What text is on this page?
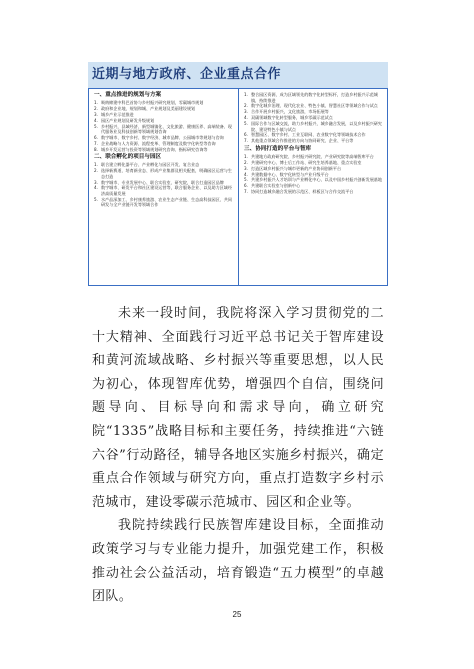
近期与地方政府、企业重点合作
一、重点推进的规划与方案
1. 吸纳缔建中科巴首协与乡村振兴研究规划，零碳城市规划
2. 政府和企业地，规划和城、产业规划及美丽建设规划
3. 城乡产业示范推进
4. 园区产业规划及研发升级规划
5. 乡村振兴，县域经济、新型城镇化、文化旅游、健康医养、高端装备、现代服务业及科技创新等领域规划咨询
6. 数字城市、数字乡村、数字经济、城市品牌、公园城市等规划与咨询
7. 企业战略与人力资源、流程变革、管理制度及数字化转型等咨询
8. 城乡开发运营与投资等领域规划研究咨询、指标研究咨询等
二、联合孵化的项目与园区
1. 联合建立孵化器平台、产业孵化与园区开发、复合业态
2. 选择新赛道、培育新业态、形成产业集群及相关配套，明确园区运营与生态打造
3. 数字城市、专业发展中心、联合实验室、研究院，联合打造园区品牌
4. 数字城市、研发平台和社区建设运营等，联合服务企业、以及助力区域经济高质量发展
5. 水产品深加工、乡村康养旅游、农业生态产业链、生态高科技园区、共同研发与全产业链开发等领域合作
1. 整合园区资源，成为区域领先的数字化转型标杆，打造乡村振兴示范城镇，持续推进
2. 数字化城乡治理、现代化农业、特色小镇、智慧社区等领域合作与试点
3. 合作开展乡村振兴，文化旅游，市场拓展等
4. 双碳领域数字化转型服务，城乡零碳示范试点
5. 国际合作与区域交流，助力乡村振兴、城乡融合发展，以及乡村振兴研究院、建设特色小镇与试点
6. 智慧园区、数字乡村、工业互联网、农业数字化等领域技术合作
7. 其他重点领域合作推进的方向与协同研究、企业、平台等
三、协同打造的平台与智库
1. 共建地方政府研究院、乡村振兴研究院、产业研究院等高端智库平台
2. 共建研究中心、博士后工作站、研究生培养基地、重点实验室
3. 打造区域乡村振兴与城市更新的产业协同创新平台
4. 共建数据中心、数字化转型与产业升级平台
5. 共建乡村振兴人才培训与产业孵化中心、以及中国乡村振兴创新发展基地
6. 共建联合实验室与创新中心
7. 协同打造城乡融合发展的示范区、样板区与合作交流平台

未来一段时间，我院将深入学习贯彻党的二十大精神、全面践行习近平总书记关于智库建设和黄河流域战略、乡村振兴等重要思想，以人民为初心，体现智库优势，增强四个自信，围绕问题导向、目标导向和需求导向，确立研究院“1335”战略目标和主要任务，持续推进“六链六谷”行动路径，辅导各地区实施乡村振兴，确定重点合作领域与研究方向，重点打造数字乡村示范城市，建设零碳示范城市、园区和企业等。

我院持续践行民族智库建设目标，全面推动政策学习与专业能力提升，加强党建工作，积极推动社会公益活动，培育锻造“五力模型”的卓越团队。

25
